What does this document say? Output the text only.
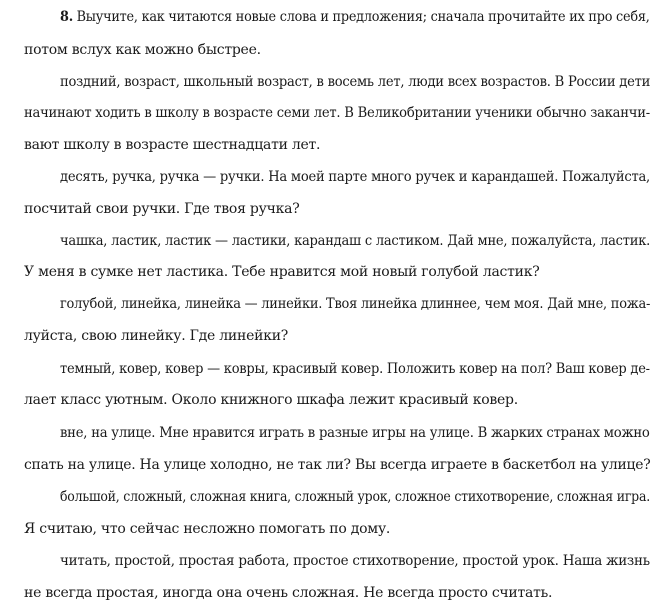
8. Выучите, как читаются новые слова и предложения; сначала прочитайте их про себя,
потом вслух как можно быстрее.
поздний, возраст, школьный возраст, в восемь лет, люди всех возрастов. В России дети
начинают ходить в школу в возрасте семи лет. В Великобритании ученики обычно заканчи-
вают школу в возрасте шестнадцати лет.
десять, ручка, ручка — ручки. На моей парте много ручек и карандашей. Пожалуйста,
посчитай свои ручки. Где твоя ручка?
чашка, ластик, ластик — ластики, карандаш с ластиком. Дай мне, пожалуйста, ластик.
У меня в сумке нет ластика. Тебе нравится мой новый голубой ластик?
голубой, линейка, линейка — линейки. Твоя линейка длиннее, чем моя. Дай мне, пожа-
луйста, свою линейку. Где линейки?
темный, ковер, ковер — ковры, красивый ковер. Положить ковер на пол? Ваш ковер де-
лает класс уютным. Около книжного шкафа лежит красивый ковер.
вне, на улице. Мне нравится играть в разные игры на улице. В жарких странах можно
спать на улице. На улице холодно, не так ли? Вы всегда играете в баскетбол на улице?
большой, сложный, сложная книга, сложный урок, сложное стихотворение, сложная игра.
Я считаю, что сейчас несложно помогать по дому.
читать, простой, простая работа, простое стихотворение, простой урок. Наша жизнь
не всегда простая, иногда она очень сложная. Не всегда просто считать.
